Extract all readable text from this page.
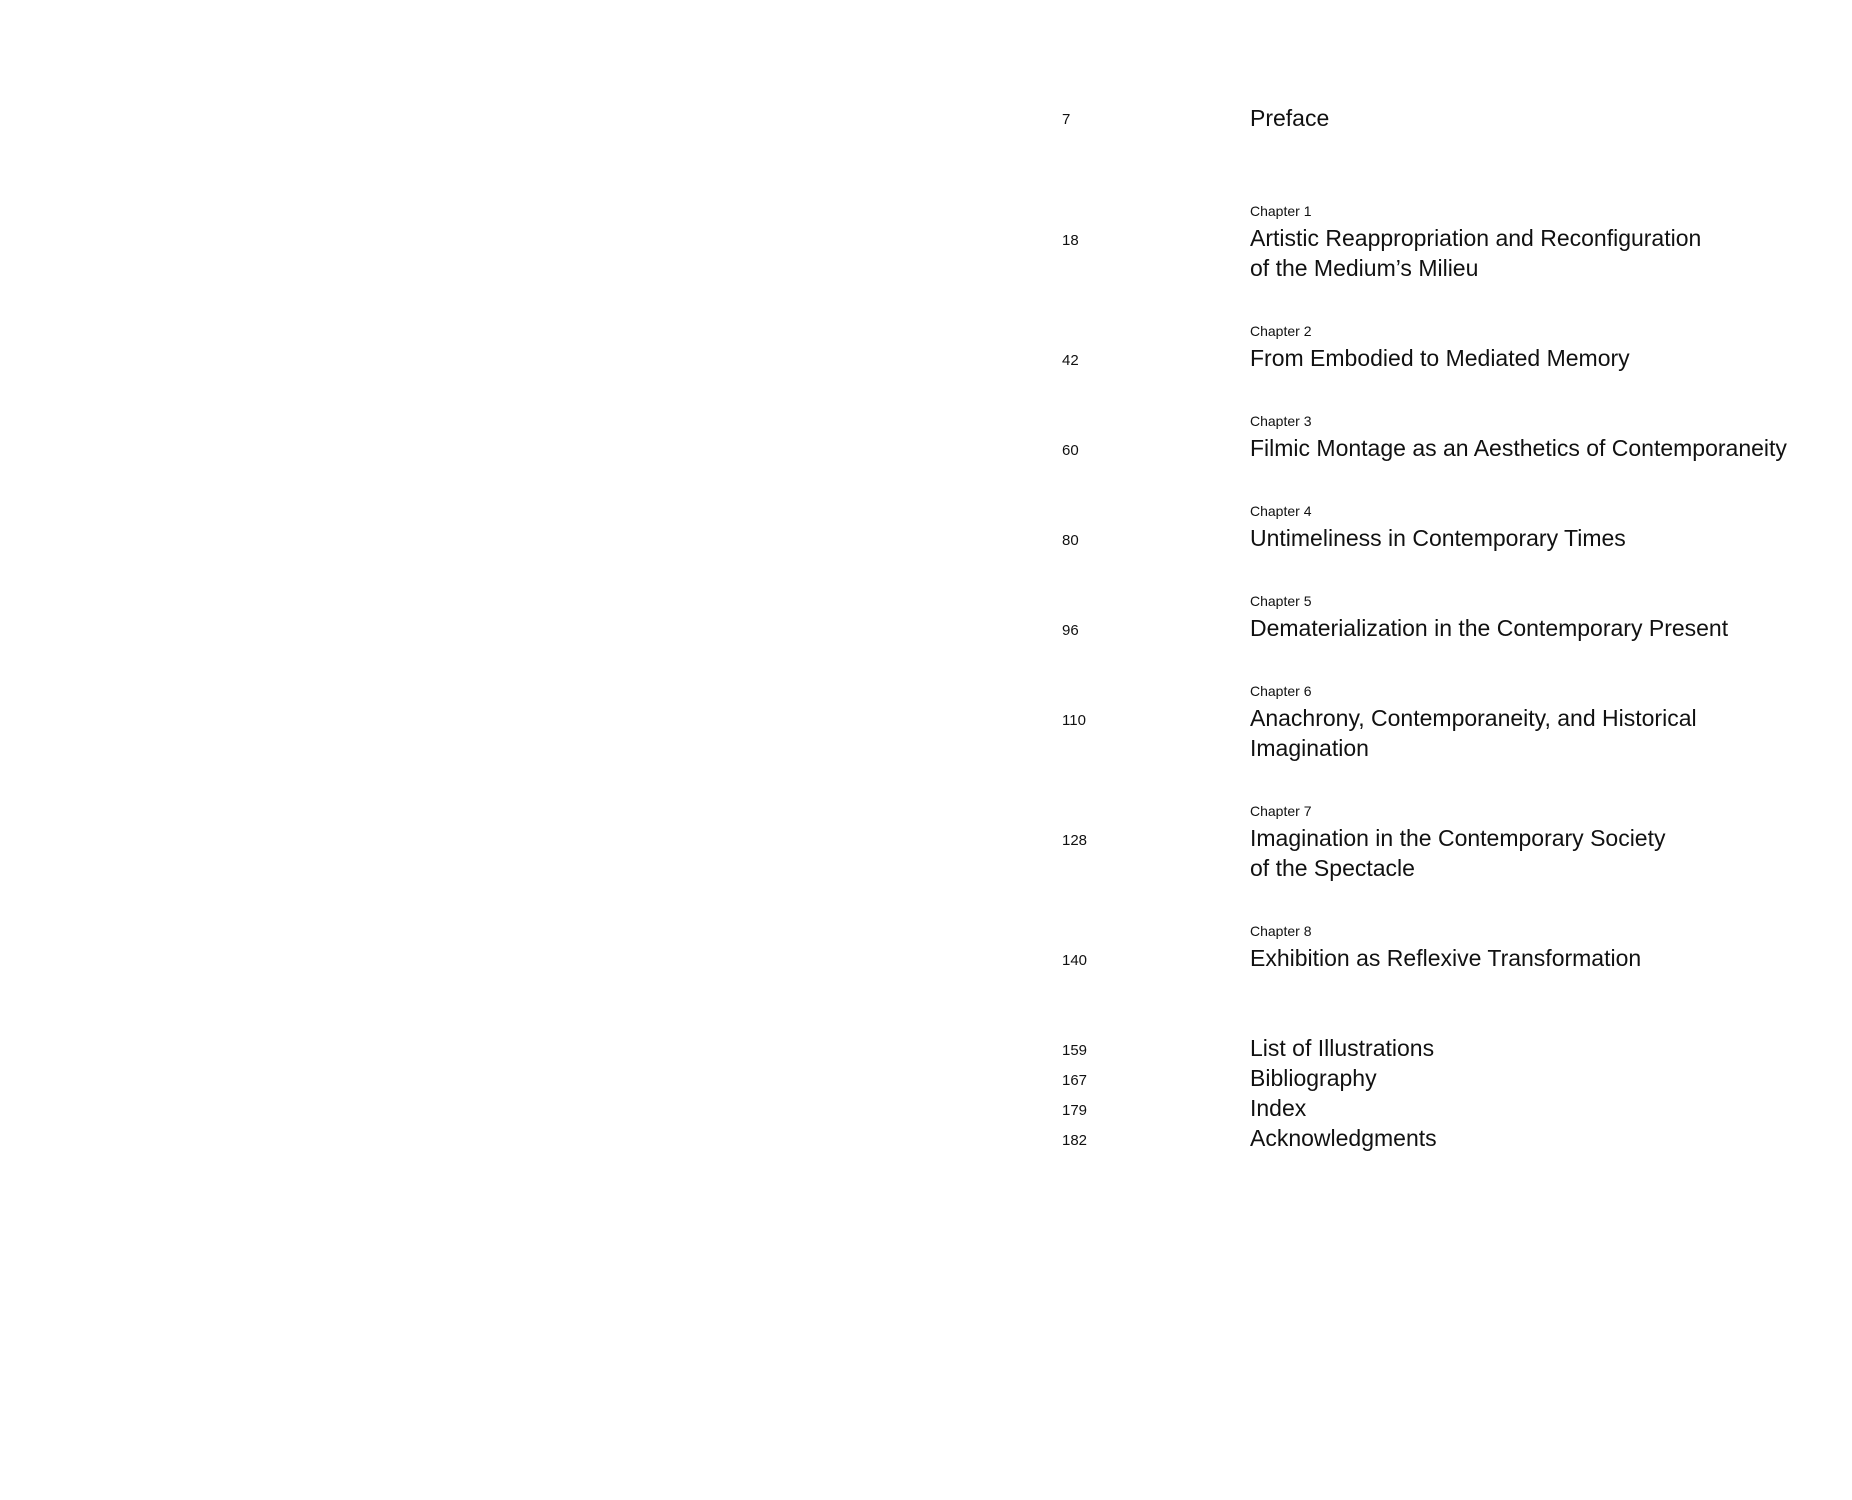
7	Preface
Chapter 1
18	Artistic Reappropriation and Reconfiguration
of the Medium’s Milieu
Chapter 2
42	From Embodied to Mediated Memory
Chapter 3
60	Filmic Montage as an Aesthetics of Contemporaneity
Chapter 4
80	Untimeliness in Contemporary Times
Chapter 5
96	Dematerialization in the Contemporary Present
Chapter 6
110	Anachrony, Contemporaneity, and Historical
Imagination
Chapter 7
128	Imagination in the Contemporary Society
of the Spectacle
Chapter 8
140	Exhibition as Reflexive Transformation
159	List of Illustrations
167	Bibliography
179	Index
182	Acknowledgments
